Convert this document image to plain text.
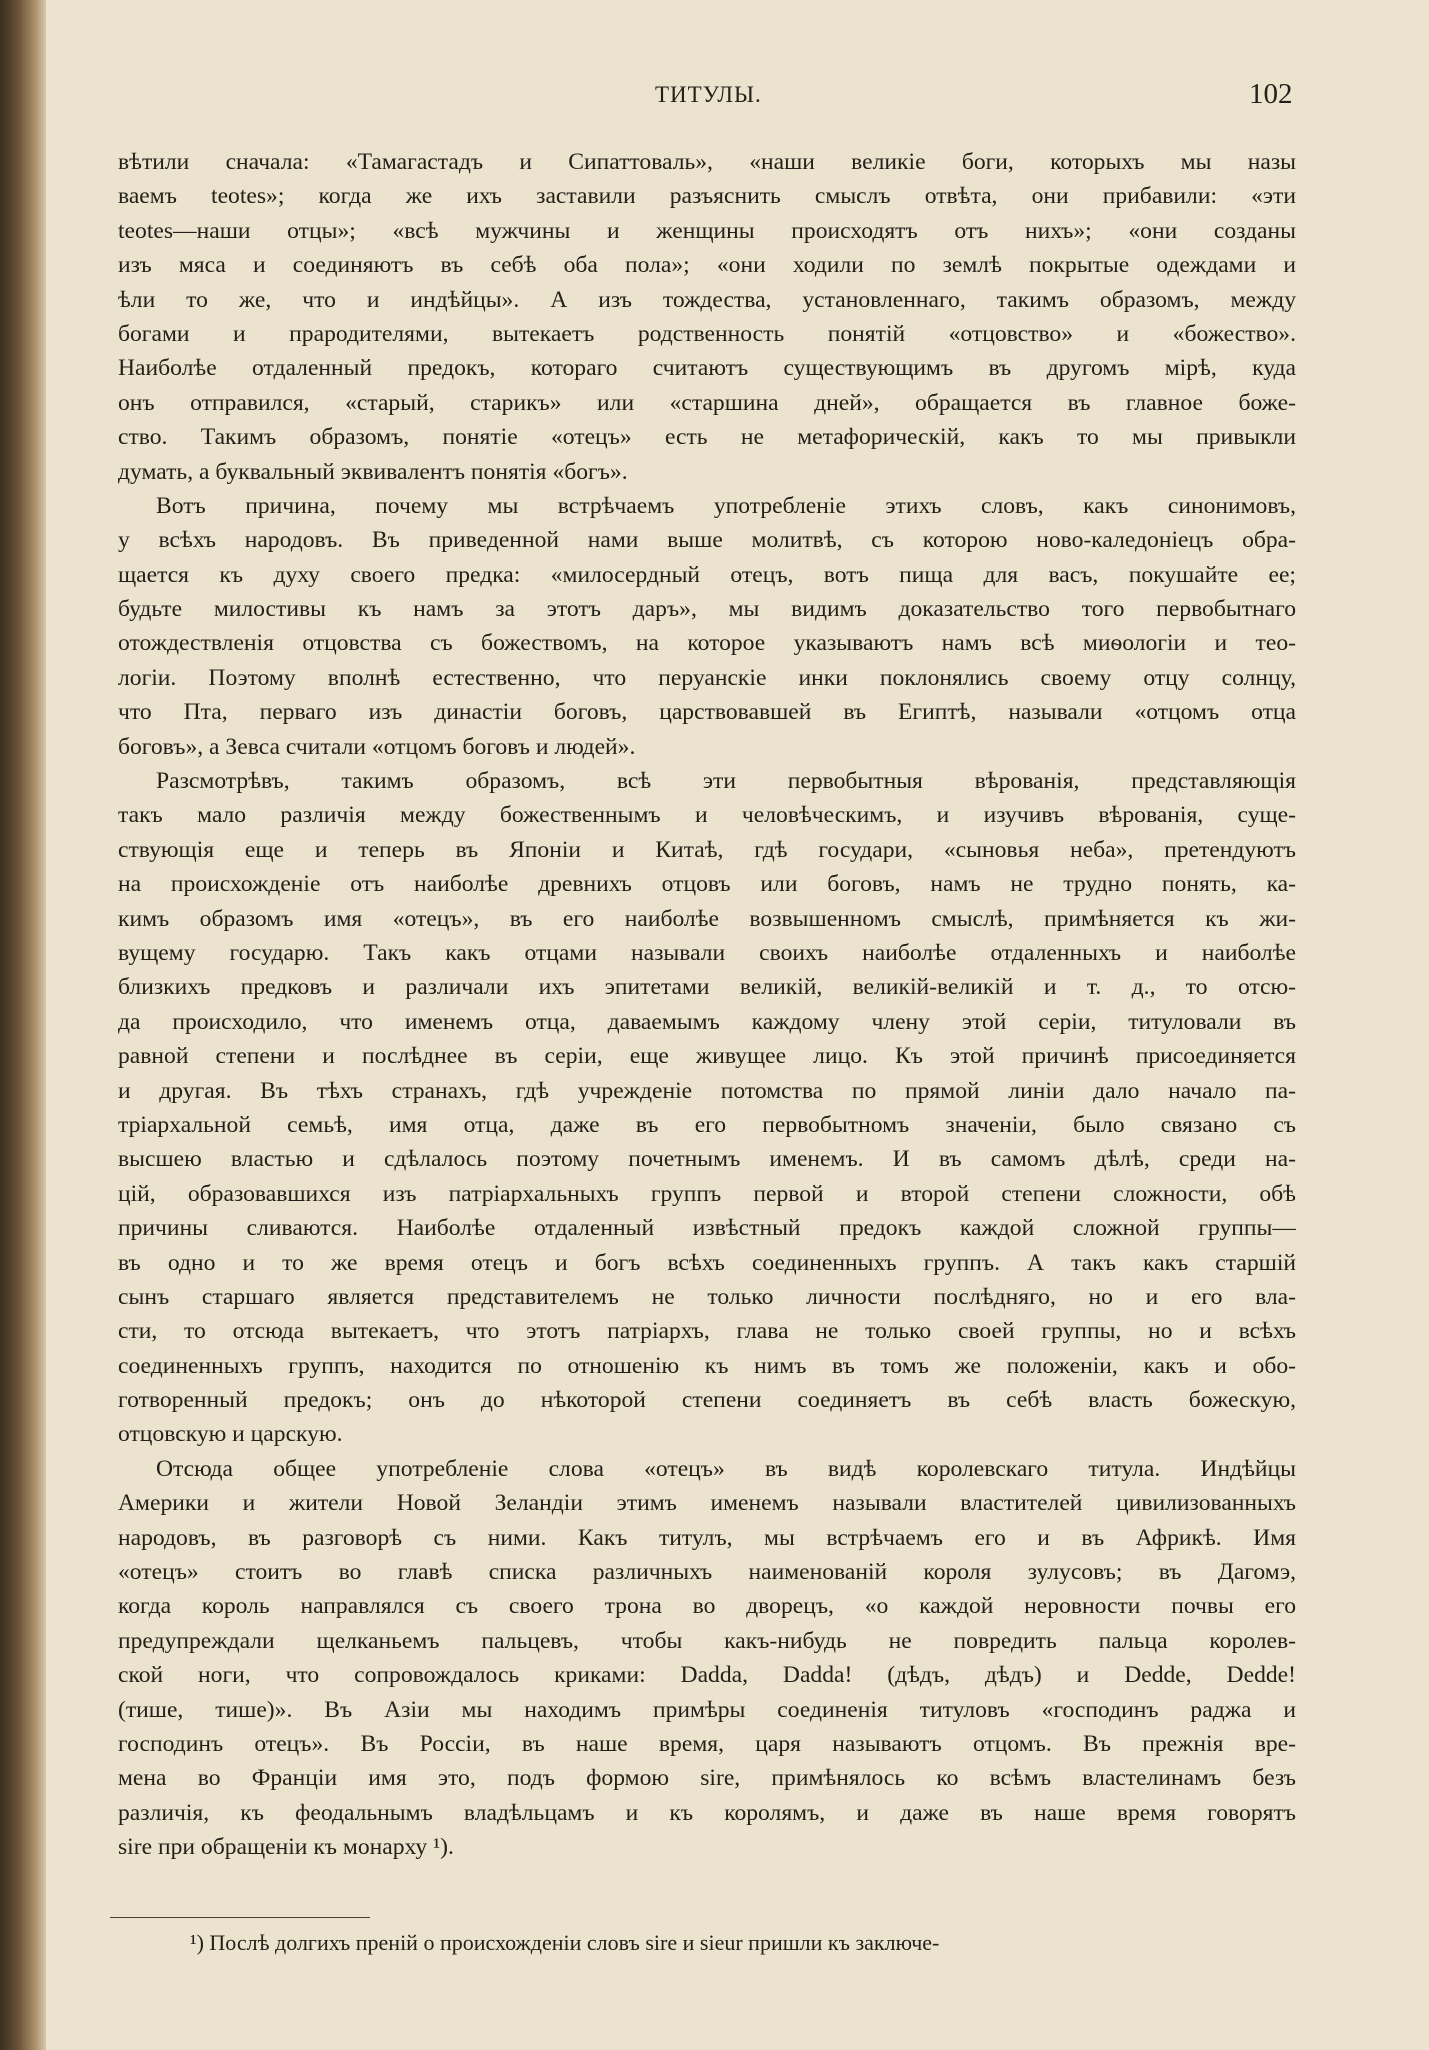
ТИТУЛЫ.	102
вѣтили сначала: «Тамагастадъ и Сипаттоваль», «наши великіе боги, которыхъ мы назы
ваемъ teotes»; когда же ихъ заставили разъяснить смыслъ отвѣта, они прибавили: «эти
teotes—наши отцы»; «всѣ мужчины и женщины происходятъ отъ нихъ»; «они созданы
изъ мяса и соединяютъ въ себѣ оба пола»; «они ходили по землѣ покрытые одеждами и
ѣли то же, что и индѣйцы». А изъ тождества, установленнаго, такимъ образомъ, между
богами и прародителями, вытекаетъ родственность понятій «отцовство» и «божество».
Наиболѣе отдаленный предокъ, котораго считаютъ существующимъ въ другомъ мірѣ, куда
онъ отправился, «старый, старикъ» или «старшина дней», обращается въ главное боже-
ство. Такимъ образомъ, понятіе «отецъ» есть не метафорическій, какъ то мы привыкли
думать, а буквальный эквивалентъ понятія «богъ».
Вотъ причина, почему мы встрѣчаемъ употребленіе этихъ словъ, какъ синонимовъ,
у всѣхъ народовъ. Въ приведенной нами выше молитвѣ, съ которою ново-каледоніецъ обра-
щается къ духу своего предка: «милосердный отецъ, вотъ пища для васъ, покушайте ее;
будьте милостивы къ намъ за этотъ даръ», мы видимъ доказательство того первобытнаго
отождествленія отцовства съ божествомъ, на которое указываютъ намъ всѣ миѳологіи и тео-
логіи. Поэтому вполнѣ естественно, что перуанскіе инки поклонялись своему отцу солнцу,
что Пта, перваго изъ династіи боговъ, царствовавшей въ Египтѣ, называли «отцомъ отца
боговъ», а Зевса считали «отцомъ боговъ и людей».
Разсмотрѣвъ, такимъ образомъ, всѣ эти первобытныя вѣрованія, представляющія
такъ мало различія между божественнымъ и человѣческимъ, и изучивъ вѣрованія, суще-
ствующія еще и теперь въ Японіи и Китаѣ, гдѣ государи, «сыновья неба», претендуютъ
на происхожденіе отъ наиболѣе древнихъ отцовъ или боговъ, намъ не трудно понять, ка-
кимъ образомъ имя «отецъ», въ его наиболѣе возвышенномъ смыслѣ, примѣняется къ жи-
вущему государю. Такъ какъ отцами называли своихъ наиболѣе отдаленныхъ и наиболѣе
близкихъ предковъ и различали ихъ эпитетами великій, великій-великій и т. д., то отсю-
да происходило, что именемъ отца, даваемымъ каждому члену этой серіи, титуловали въ
равной степени и послѣднее въ серіи, еще живущее лицо. Къ этой причинѣ присоединяется
и другая. Въ тѣхъ странахъ, гдѣ учрежденіе потомства по прямой линіи дало начало па-
тріархальной семьѣ, имя отца, даже въ его первобытномъ значеніи, было связано съ
высшею властью и сдѣлалось поэтому почетнымъ именемъ. И въ самомъ дѣлѣ, среди на-
цій, образовавшихся изъ патріархальныхъ группъ первой и второй степени сложности, обѣ
причины сливаются. Наиболѣе отдаленный извѣстный предокъ каждой сложной группы—
въ одно и то же время отецъ и богъ всѣхъ соединенныхъ группъ. А такъ какъ старшій
сынъ старшаго является представителемъ не только личности послѣдняго, но и его вла-
сти, то отсюда вытекаетъ, что этотъ патріархъ, глава не только своей группы, но и всѣхъ
соединенныхъ группъ, находится по отношенію къ нимъ въ томъ же положеніи, какъ и обо-
готворенный предокъ; онъ до нѣкоторой степени соединяетъ въ себѣ власть божескую,
отцовскую и царскую.
Отсюда общее употребленіе слова «отецъ» въ видѣ королевскаго титула. Индѣйцы
Америки и жители Новой Зеландіи этимъ именемъ называли властителей цивилизованныхъ
народовъ, въ разговорѣ съ ними. Какъ титулъ, мы встрѣчаемъ его и въ Африкѣ. Имя
«отецъ» стоитъ во главѣ списка различныхъ наименованій короля зулусовъ; въ Дагомэ,
когда король направлялся съ своего трона во дворецъ, «о каждой неровности почвы его
предупреждали щелканьемъ пальцевъ, чтобы какъ-нибудь не повредить пальца королев-
ской ноги, что сопровождалось криками: Dadda, Dadda! (дѣдъ, дѣдъ) и Dedde, Dedde!
(тише, тише)». Въ Азіи мы находимъ примѣры соединенія титуловъ «господинъ раджа и
господинъ отецъ». Въ Россіи, въ наше время, царя называютъ отцомъ. Въ прежнія вре-
мена во Франціи имя это, подъ формою sire, примѣнялось ко всѣмъ властелинамъ безъ
различія, къ феодальнымъ владѣльцамъ и къ королямъ, и даже въ наше время говорятъ
sire при обращеніи къ монарху ¹).
¹) Послѣ долгихъ преній о происхожденіи словъ sire и sieur пришли къ заключе-
